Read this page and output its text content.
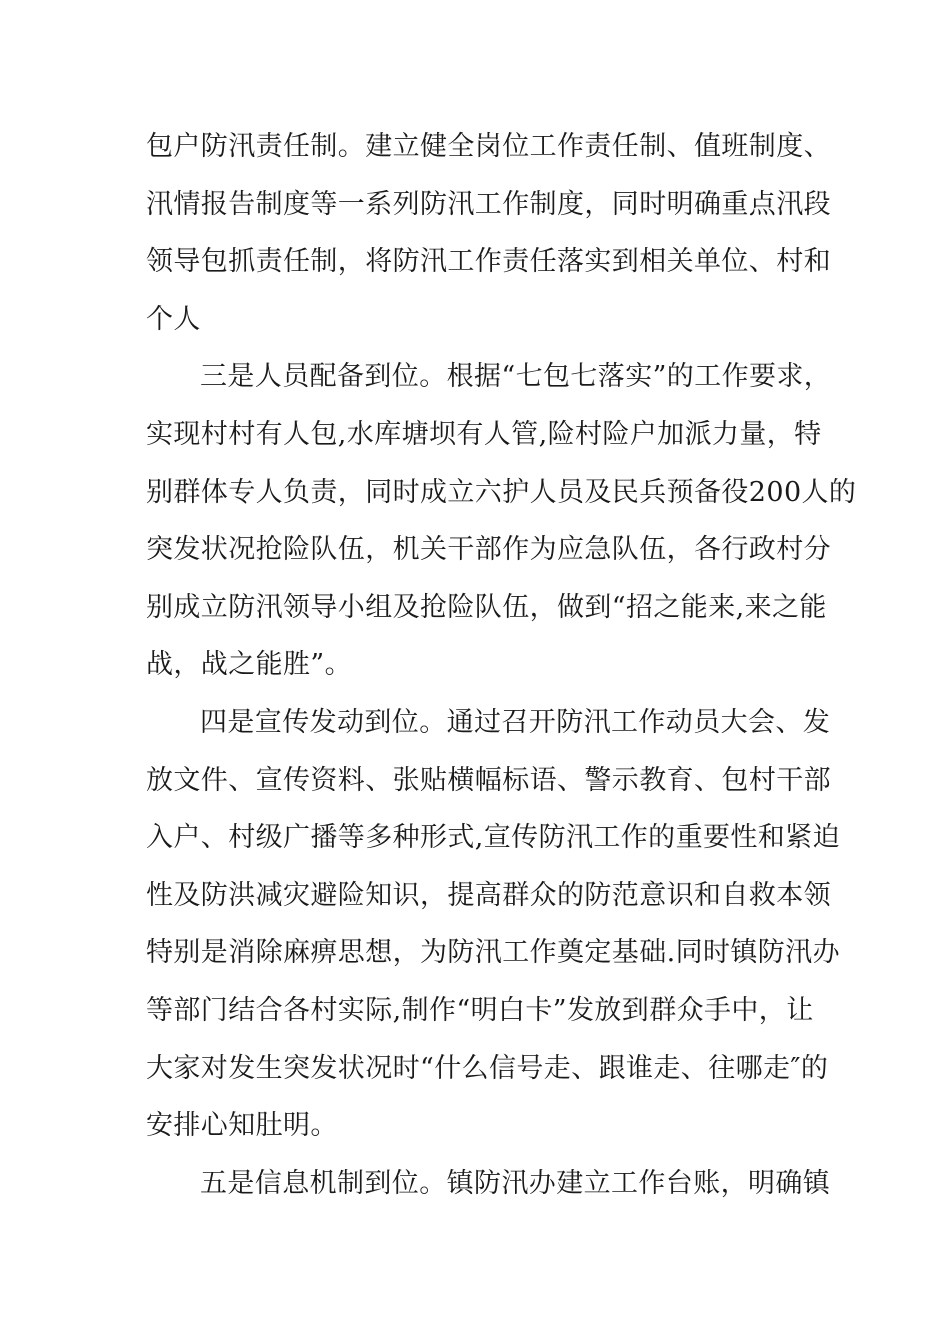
包户防汛责任制。建立健全岗位工作责任制、值班制度、
汛情报告制度等一系列防汛工作制度，同时明确重点汛段
领导包抓责任制，将防汛工作责任落实到相关单位、村和
个人
三是人员配备到位。根据“七包七落实”的工作要求，
实现村村有人包,水库塘坝有人管,险村险户加派力量，特
别群体专人负责，同时成立六护人员及民兵预备役200人的
突发状况抢险队伍，机关干部作为应急队伍，各行政村分
别成立防汛领导小组及抢险队伍，做到“招之能来,来之能
战，战之能胜”。
四是宣传发动到位。通过召开防汛工作动员大会、发
放文件、宣传资料、张贴横幅标语、警示教育、包村干部
入户、村级广播等多种形式,宣传防汛工作的重要性和紧迫
性及防洪减灾避险知识，提高群众的防范意识和自救本领
特别是消除麻痹思想，为防汛工作奠定基础.同时镇防汛办
等部门结合各村实际,制作“明白卡”发放到群众手中，让
大家对发生突发状况时“什么信号走、跟谁走、往哪走″的
安排心知肚明。
五是信息机制到位。镇防汛办建立工作台账，明确镇
